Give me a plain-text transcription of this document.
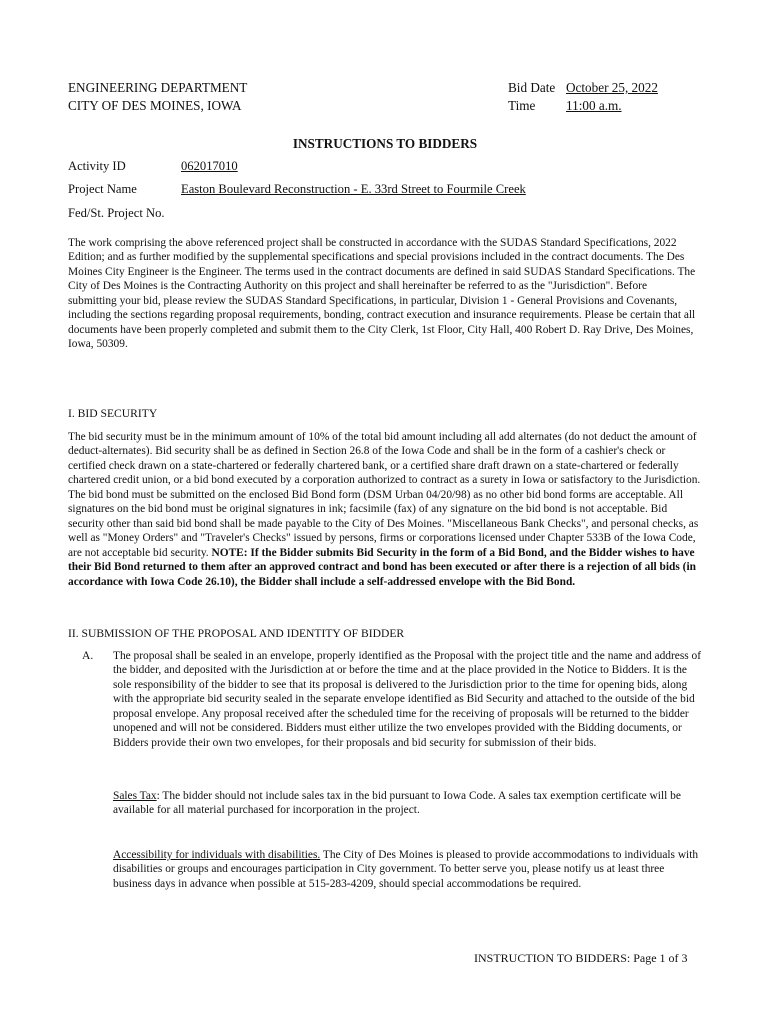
ENGINEERING DEPARTMENT
CITY OF DES MOINES, IOWA
Bid Date October 25, 2022
Time 11:00 a.m.
INSTRUCTIONS TO BIDDERS
Activity ID	062017010
Project Name	Easton Boulevard Reconstruction - E. 33rd Street to Fourmile Creek
Fed/St. Project No.
The work comprising the above referenced project shall be constructed in accordance with the SUDAS Standard Specifications, 2022 Edition; and as further modified by the supplemental specifications and special provisions included in the contract documents. The Des Moines City Engineer is the Engineer. The terms used in the contract documents are defined in said SUDAS Standard Specifications. The City of Des Moines is the Contracting Authority on this project and shall hereinafter be referred to as the "Jurisdiction". Before submitting your bid, please review the SUDAS Standard Specifications, in particular, Division 1 - General Provisions and Covenants, including the sections regarding proposal requirements, bonding, contract execution and insurance requirements. Please be certain that all documents have been properly completed and submit them to the City Clerk, 1st Floor, City Hall, 400 Robert D. Ray Drive, Des Moines, Iowa, 50309.
I. BID SECURITY
The bid security must be in the minimum amount of 10% of the total bid amount including all add alternates (do not deduct the amount of deduct-alternates). Bid security shall be as defined in Section 26.8 of the Iowa Code and shall be in the form of a cashier's check or certified check drawn on a state-chartered or federally chartered bank, or a certified share draft drawn on a state-chartered or federally chartered credit union, or a bid bond executed by a corporation authorized to contract as a surety in Iowa or satisfactory to the Jurisdiction. The bid bond must be submitted on the enclosed Bid Bond form (DSM Urban 04/20/98) as no other bid bond forms are acceptable. All signatures on the bid bond must be original signatures in ink; facsimile (fax) of any signature on the bid bond is not acceptable. Bid security other than said bid bond shall be made payable to the City of Des Moines. "Miscellaneous Bank Checks", and personal checks, as well as "Money Orders" and "Traveler's Checks" issued by persons, firms or corporations licensed under Chapter 533B of the Iowa Code, are not acceptable bid security. NOTE: If the Bidder submits Bid Security in the form of a Bid Bond, and the Bidder wishes to have their Bid Bond returned to them after an approved contract and bond has been executed or after there is a rejection of all bids (in accordance with Iowa Code 26.10), the Bidder shall include a self-addressed envelope with the Bid Bond.
II. SUBMISSION OF THE PROPOSAL AND IDENTITY OF BIDDER
A. The proposal shall be sealed in an envelope, properly identified as the Proposal with the project title and the name and address of the bidder, and deposited with the Jurisdiction at or before the time and at the place provided in the Notice to Bidders. It is the sole responsibility of the bidder to see that its proposal is delivered to the Jurisdiction prior to the time for opening bids, along with the appropriate bid security sealed in the separate envelope identified as Bid Security and attached to the outside of the bid proposal envelope. Any proposal received after the scheduled time for the receiving of proposals will be returned to the bidder unopened and will not be considered. Bidders must either utilize the two envelopes provided with the Bidding documents, or Bidders provide their own two envelopes, for their proposals and bid security for submission of their bids.
Sales Tax: The bidder should not include sales tax in the bid pursuant to Iowa Code. A sales tax exemption certificate will be available for all material purchased for incorporation in the project.
Accessibility for individuals with disabilities. The City of Des Moines is pleased to provide accommodations to individuals with disabilities or groups and encourages participation in City government. To better serve you, please notify us at least three business days in advance when possible at 515-283-4209, should special accommodations be required.
INSTRUCTION TO BIDDERS: Page 1 of 3
